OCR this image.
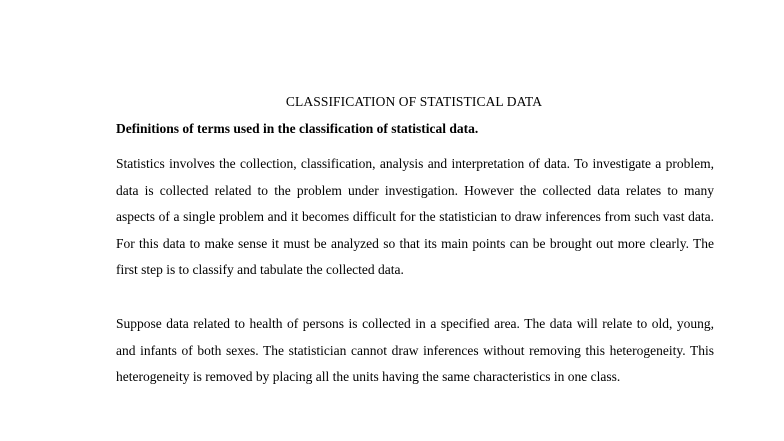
CLASSIFICATION OF STATISTICAL DATA
Definitions of terms used in the classification of statistical data.

Statistics involves the collection, classification, analysis and interpretation of data. To investigate a problem, data is collected related to the problem under investigation. However the collected data relates to many aspects of a single problem and it becomes difficult for the statistician to draw inferences from such vast data. For this data to make sense it must be analyzed so that its main points can be brought out more clearly. The first step is to classify and tabulate the collected data.

Suppose data related to health of persons is collected in a specified area. The data will relate to old, young, and infants of both sexes. The statistician cannot draw inferences without removing this heterogeneity. This heterogeneity is removed by placing all the units having the same characteristics in one class.
